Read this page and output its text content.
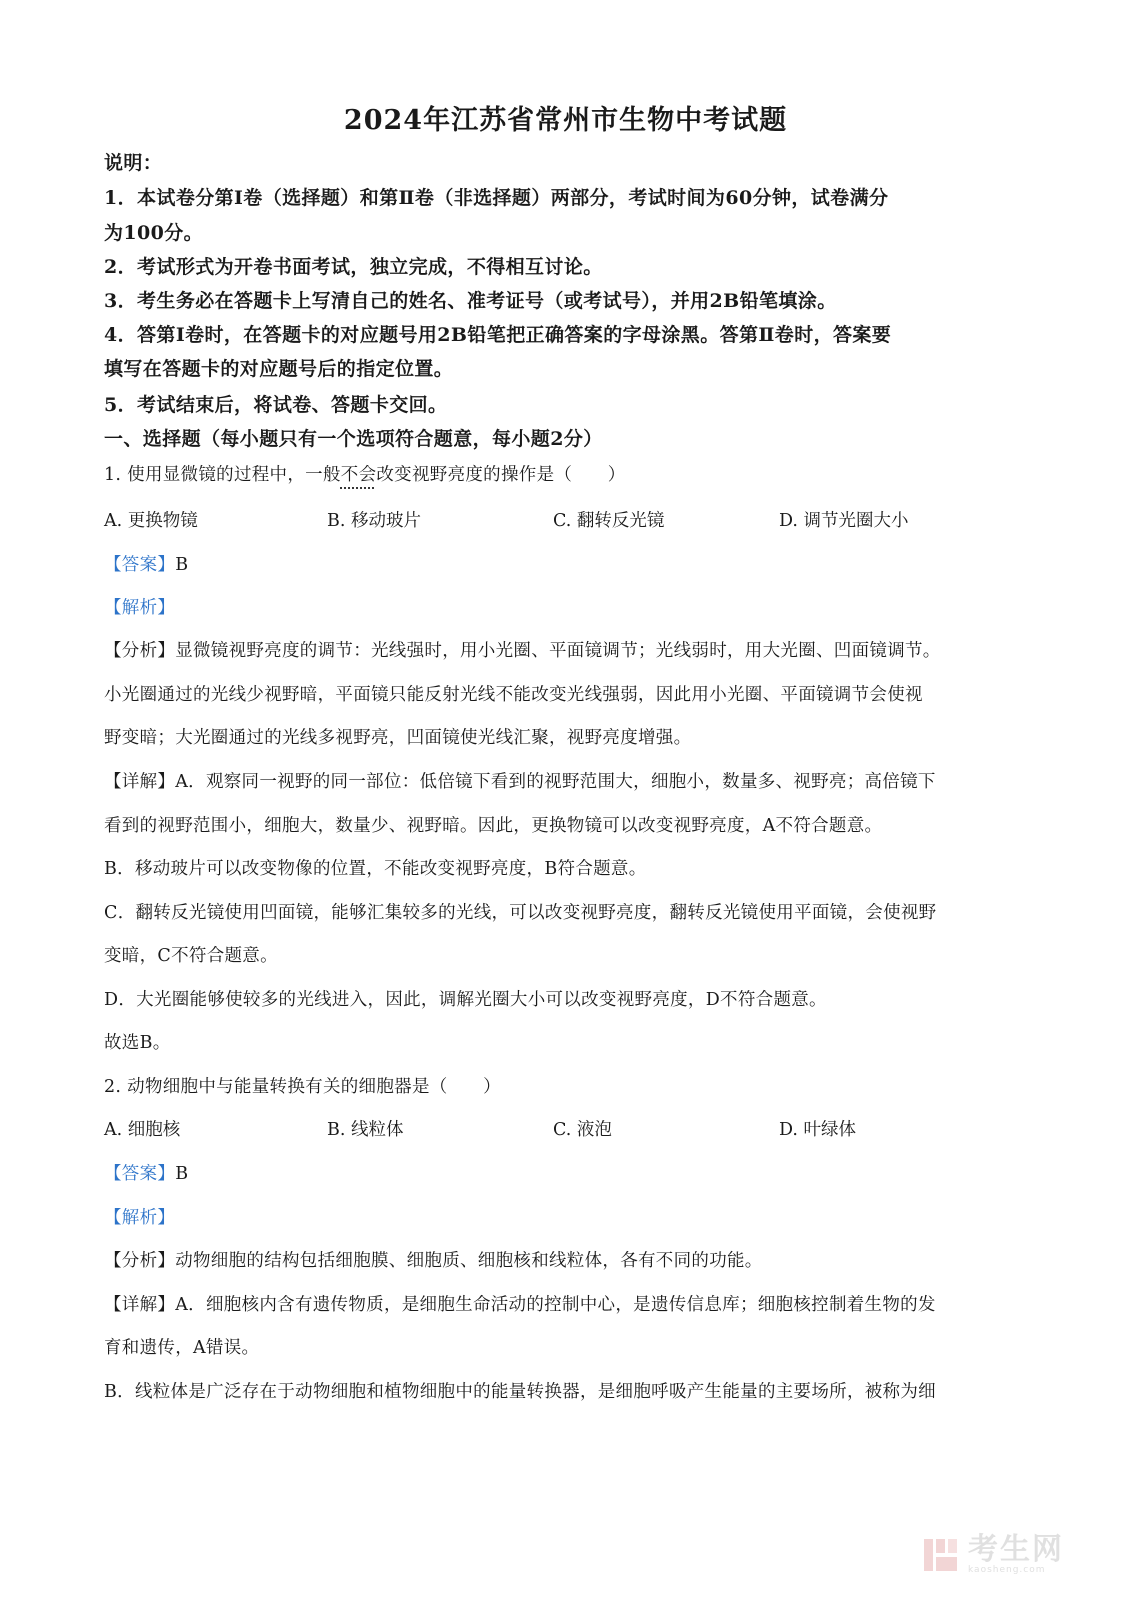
2024年江苏省常州市生物中考试题
说明：
1．本试卷分第Ⅰ卷（选择题）和第Ⅱ卷（非选择题）两部分，考试时间为60分钟，试卷满分
为100分。
2．考试形式为开卷书面考试，独立完成，不得相互讨论。
3．考生务必在答题卡上写清自己的姓名、准考证号（或考试号），并用2B铅笔填涂。
4．答第Ⅰ卷时，在答题卡的对应题号用2B铅笔把正确答案的字母涂黑。答第Ⅱ卷时，答案要
填写在答题卡的对应题号后的指定位置。
5．考试结束后，将试卷、答题卡交回。
一、选择题（每小题只有一个选项符合题意，每小题2分）
1. 使用显微镜的过程中，一般不会改变视野亮度的操作是（　　）
A. 更换物镜	B. 移动玻片	C. 翻转反光镜	D. 调节光圈大小
【答案】B
【解析】
【分析】显微镜视野亮度的调节：光线强时，用小光圈、平面镜调节；光线弱时，用大光圈、凹面镜调节。
小光圈通过的光线少视野暗，平面镜只能反射光线不能改变光线强弱，因此用小光圈、平面镜调节会使视
野变暗；大光圈通过的光线多视野亮，凹面镜使光线汇聚，视野亮度增强。
【详解】A．观察同一视野的同一部位：低倍镜下看到的视野范围大，细胞小，数量多、视野亮；高倍镜下
看到的视野范围小，细胞大，数量少、视野暗。因此，更换物镜可以改变视野亮度，A不符合题意。
B．移动玻片可以改变物像的位置，不能改变视野亮度，B符合题意。
C．翻转反光镜使用凹面镜，能够汇集较多的光线，可以改变视野亮度，翻转反光镜使用平面镜，会使视野
变暗，C不符合题意。
D．大光圈能够使较多的光线进入，因此，调解光圈大小可以改变视野亮度，D不符合题意。
故选B。
2. 动物细胞中与能量转换有关的细胞器是（　　）
A. 细胞核	B. 线粒体	C. 液泡	D. 叶绿体
【答案】B
【解析】
【分析】动物细胞的结构包括细胞膜、细胞质、细胞核和线粒体，各有不同的功能。
【详解】A．细胞核内含有遗传物质，是细胞生命活动的控制中心，是遗传信息库；细胞核控制着生物的发
育和遗传，A错误。
B．线粒体是广泛存在于动物细胞和植物细胞中的能量转换器，是细胞呼吸产生能量的主要场所，被称为细
考生网
kaosheng.com
